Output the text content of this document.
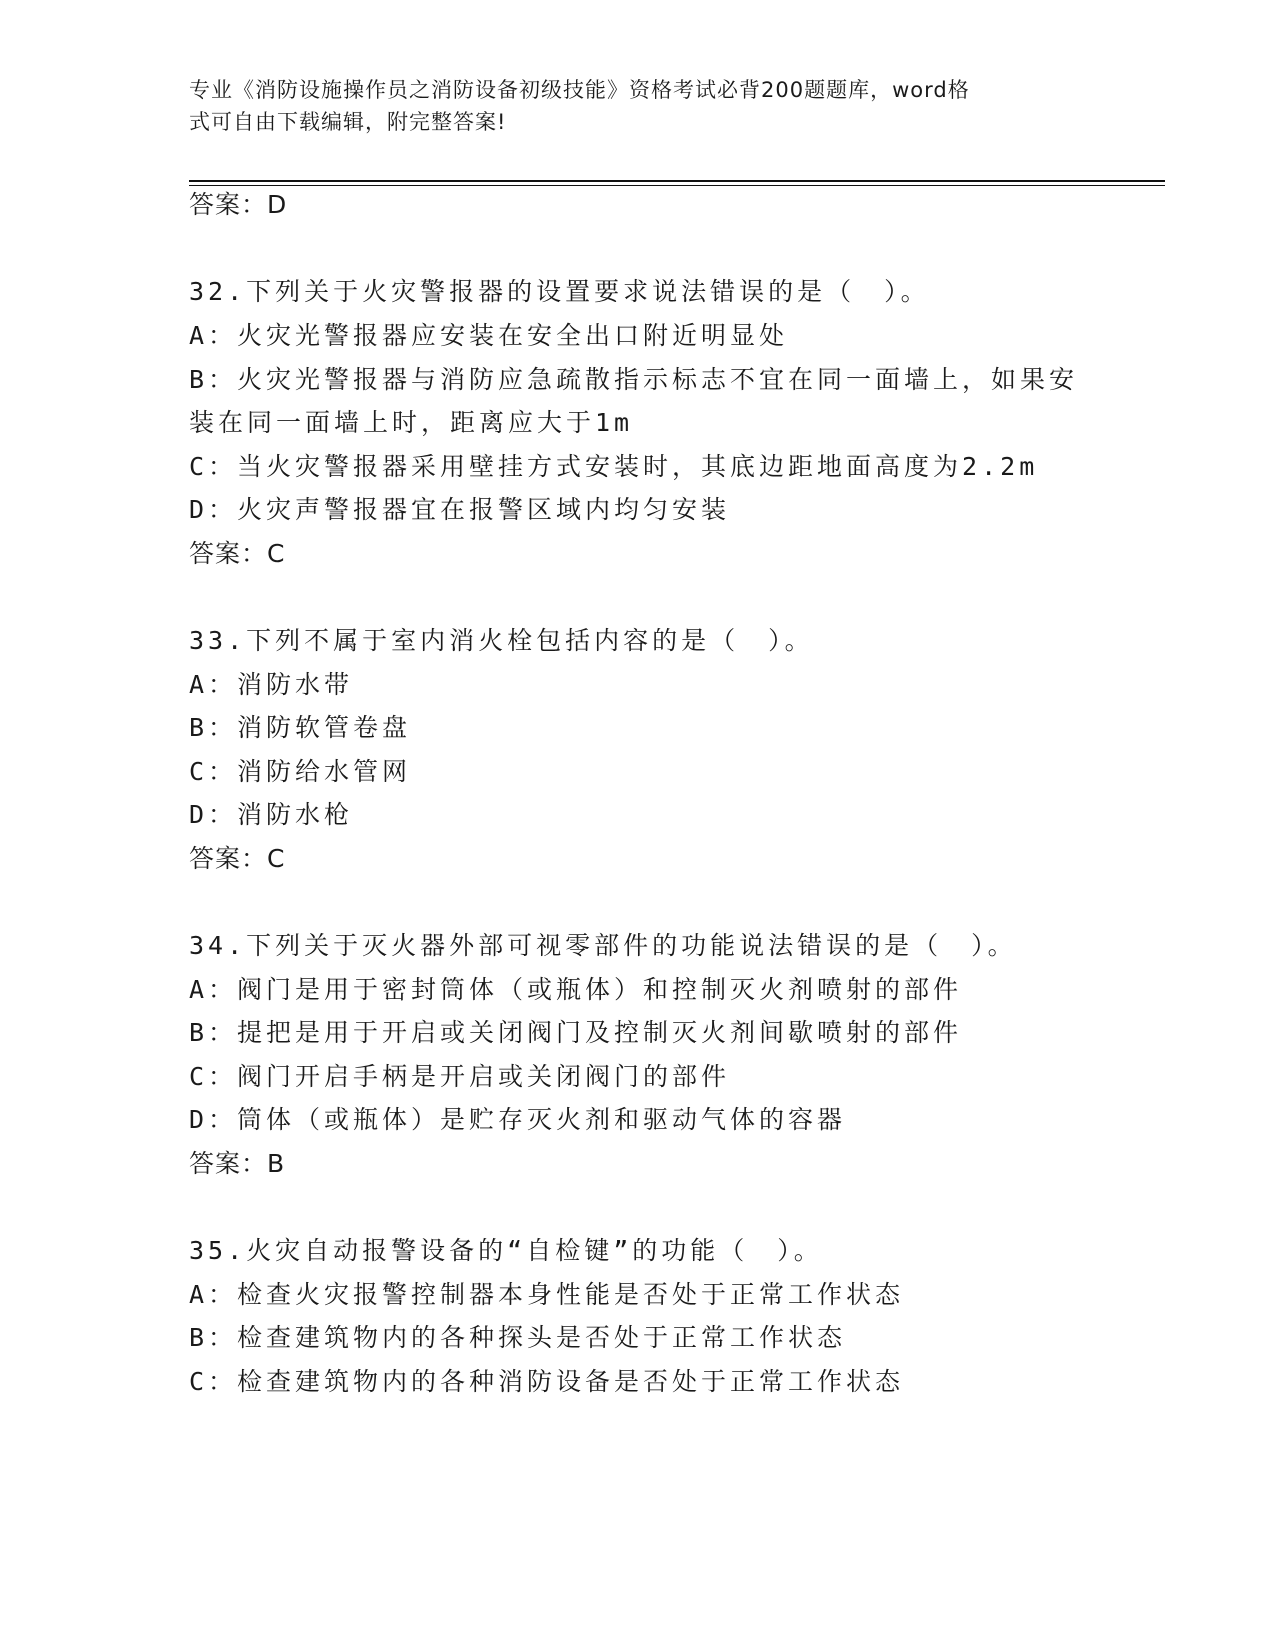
专业《消防设施操作员之消防设备初级技能》资格考试必背200题题库，word格
式可自由下载编辑，附完整答案!
答案：D
32.下列关于火灾警报器的设置要求说法错误的是（　）。
A：火灾光警报器应安装在安全出口附近明显处
B：火灾光警报器与消防应急疏散指示标志不宜在同一面墙上，如果安
装在同一面墙上时，距离应大于1m
C：当火灾警报器采用壁挂方式安装时，其底边距地面高度为2.2m
D：火灾声警报器宜在报警区域内均匀安装
答案：C
33.下列不属于室内消火栓包括内容的是（　）。
A：消防水带
B：消防软管卷盘
C：消防给水管网
D：消防水枪
答案：C
34.下列关于灭火器外部可视零部件的功能说法错误的是（　）。
A：阀门是用于密封筒体（或瓶体）和控制灭火剂喷射的部件
B：提把是用于开启或关闭阀门及控制灭火剂间歇喷射的部件
C：阀门开启手柄是开启或关闭阀门的部件
D：筒体（或瓶体）是贮存灭火剂和驱动气体的容器
答案：B
35.火灾自动报警设备的“自检键”的功能（　）。
A：检查火灾报警控制器本身性能是否处于正常工作状态
B：检查建筑物内的各种探头是否处于正常工作状态
C：检查建筑物内的各种消防设备是否处于正常工作状态
